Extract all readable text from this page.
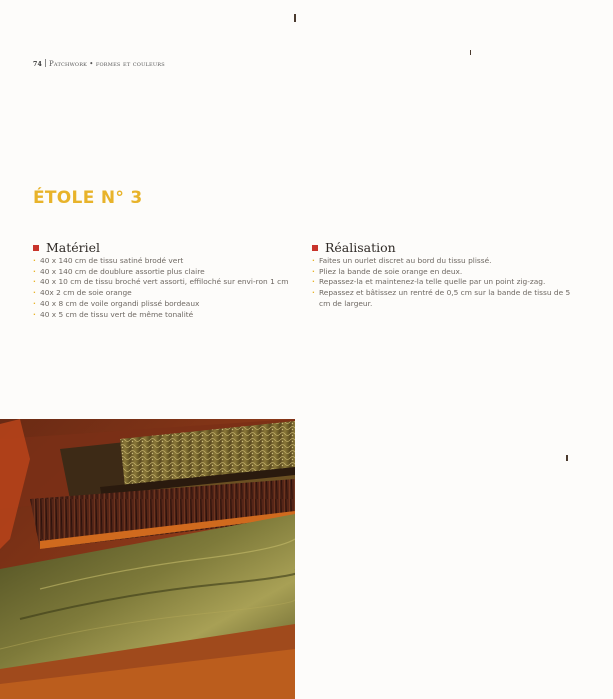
74 Patchwork • formes et couleurs
ÉTOLE N° 3
Matériel
· 40 x 140 cm de tissu satiné brodé vert
· 40 x 140 cm de doublure assortie plus claire
· 40 x 10 cm de tissu broché vert assorti, effiloché sur envi-ron 1 cm
· 40x 2 cm de soie orange
· 40 x 8 cm de voile organdi plissé bordeaux
· 40 x 5 cm de tissu vert de même tonalité
Réalisation
· Faites un ourlet discret au bord du tissu plissé.
· Pliez la bande de soie orange en deux.
· Repassez-la et maintenez-la telle quelle par un point zig-zag.
· Repassez et bâtissez un rentré de 0,5 cm sur la bande de tissu de 5 cm de largeur.
